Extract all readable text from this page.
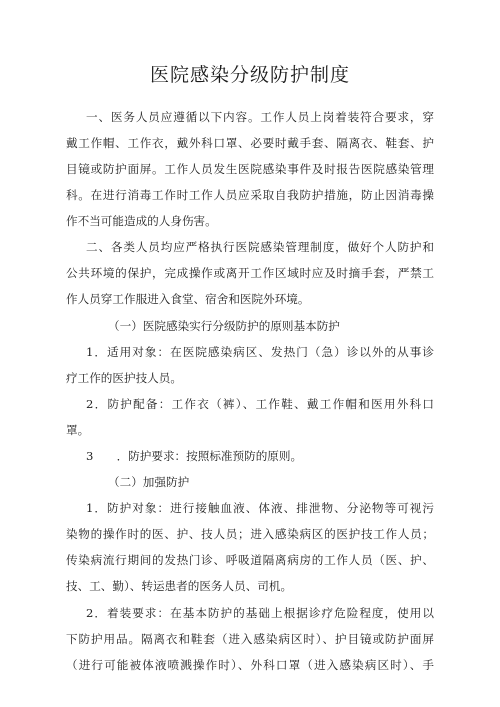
医院感染分级防护制度
一、医务人员应遵循以下内容。工作人员上岗着装符合要求，穿
戴工作帽、工作衣，戴外科口罩、必要时戴手套、隔离衣、鞋套、护
目镜或防护面屏。工作人员发生医院感染事件及时报告医院感染管理
科。在进行消毒工作时工作人员应采取自我防护措施，防止因消毒操
作不当可能造成的人身伤害。
二、各类人员均应严格执行医院感染管理制度，做好个人防护和
公共环境的保护，完成操作或离开工作区域时应及时摘手套，严禁工
作人员穿工作服进入食堂、宿舍和医院外环境。
（一）医院感染实行分级防护的原则基本防护
1．适用对象：在医院感染病区、发热门（急）诊以外的从事诊
疗工作的医护技人员。
2．防护配备：工作衣（裤）、工作鞋、戴工作帽和医用外科口
罩。
3　　．防护要求：按照标准预防的原则。
（二）加强防护
1．防护对象：进行接触血液、体液、排泄物、分泌物等可视污
染物的操作时的医、护、技人员；进入感染病区的医护技工作人员；
传染病流行期间的发热门诊、呼吸道隔离病房的工作人员（医、护、
技、工、勤）、转运患者的医务人员、司机。
2．着装要求：在基本防护的基础上根据诊疗危险程度，使用以
下防护用品。隔离衣和鞋套（进入感染病区时）、护目镜或防护面屏
（进行可能被体液喷溅操作时）、外科口罩（进入感染病区时）、手
